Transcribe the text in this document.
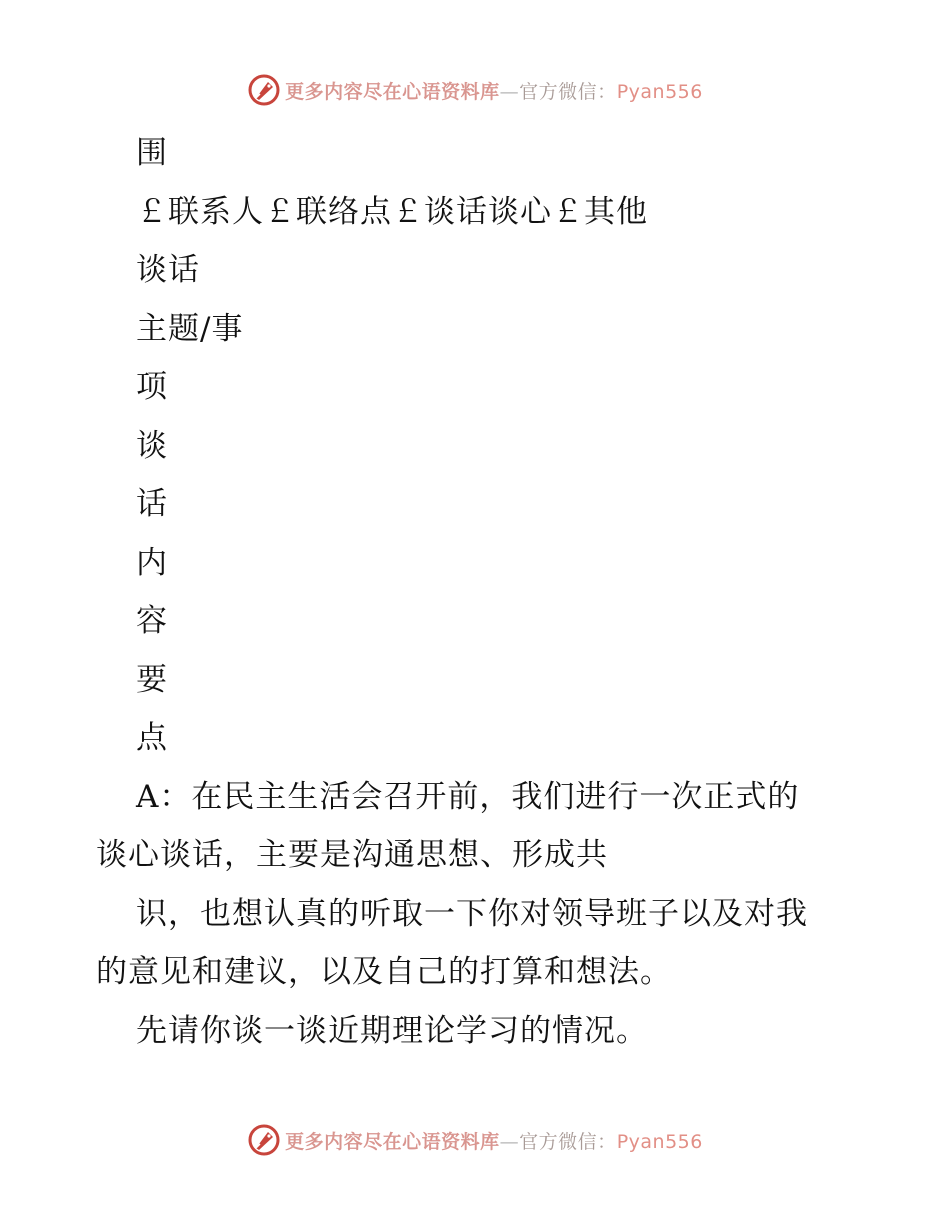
更多内容尽在心语资料库—官方微信：Pyan556
围
￡联系人￡联络点￡谈话谈心￡其他
谈话
主题/事
项
谈
话
内
容
要
点
A：在民主生活会召开前，我们进行一次正式的
谈心谈话，主要是沟通思想、形成共
识，也想认真的听取一下你对领导班子以及对我
的意见和建议，以及自己的打算和想法。
先请你谈一谈近期理论学习的情况。
更多内容尽在心语资料库—官方微信：Pyan556
